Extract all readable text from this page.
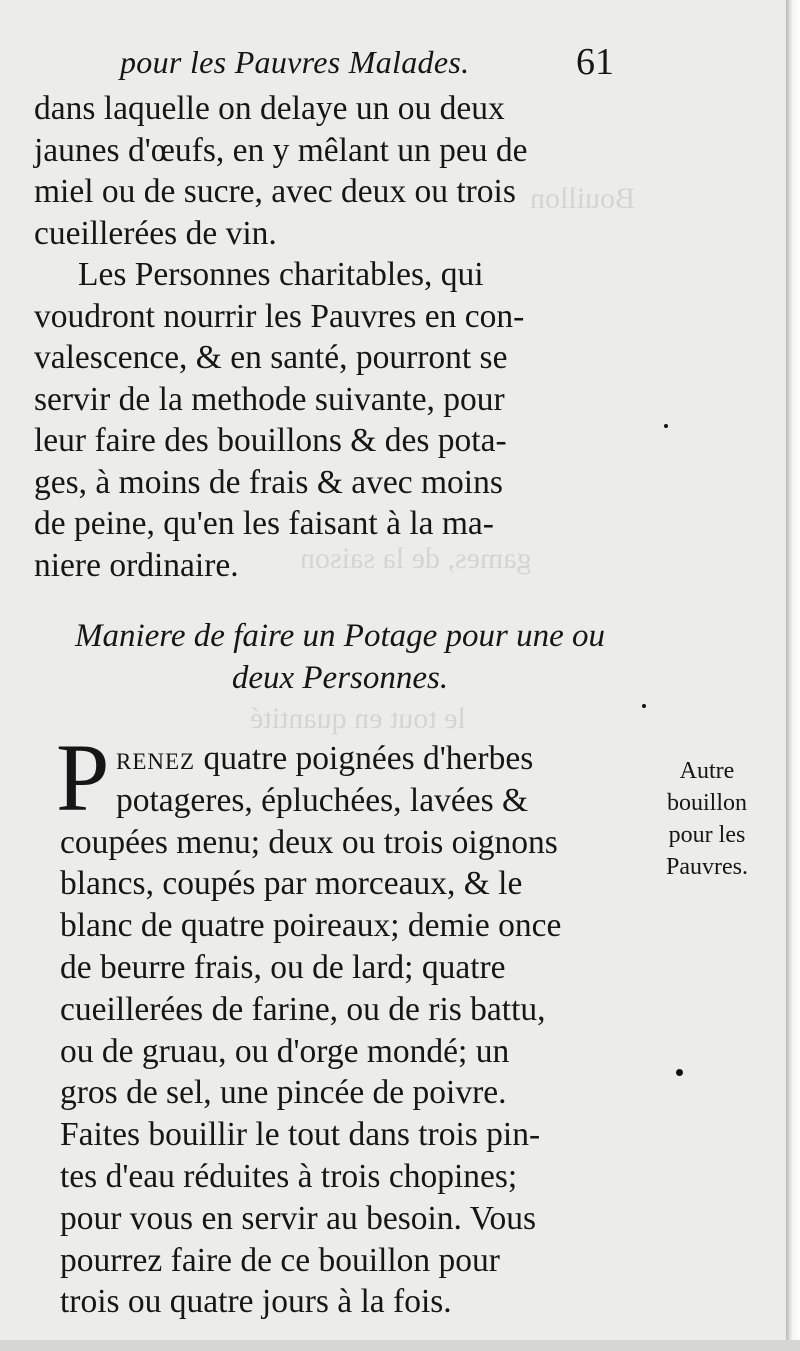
Bouillon
games, de la saison
le tout en quantité
pour les Pauvres Malades.	61
dans laquelle on delaye un ou deux
jaunes d'œufs, en y mêlant un peu de
miel ou de sucre, avec deux ou trois
cueillerées de vin.
Les Personnes charitables, qui
voudront nourrir les Pauvres en con-
valescence, & en santé, pourront se
servir de la methode suivante, pour
leur faire des bouillons & des pota-
ges, à moins de frais & avec moins
de peine, qu'en les faisant à la ma-
niere ordinaire.
Maniere de faire un Potage pour une ou
deux Personnes.
P renez quatre poignées d'herbes
potageres, épluchées, lavées &
coupées menu; deux ou trois oignons
blancs, coupés par morceaux, & le
blanc de quatre poireaux; demie once
de beurre frais, ou de lard; quatre
cueillerées de farine, ou de ris battu,
ou de gruau, ou d'orge mondé; un
gros de sel, une pincée de poivre.
Faites bouillir le tout dans trois pin-
tes d'eau réduites à trois chopines;
pour vous en servir au besoin. Vous
pourrez faire de ce bouillon pour
trois ou quatre jours à la fois.
Autre
bouillon
pour les
Pauvres.
